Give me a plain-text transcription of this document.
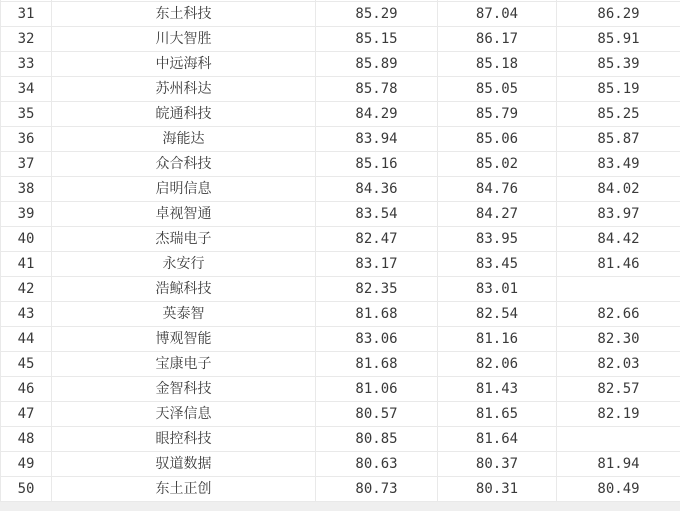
31	东土科技	85.29	87.04	86.29
32	川大智胜	85.15	86.17	85.91
33	中远海科	85.89	85.18	85.39
34	苏州科达	85.78	85.05	85.19
35	皖通科技	84.29	85.79	85.25
36	海能达	83.94	85.06	85.87
37	众合科技	85.16	85.02	83.49
38	启明信息	84.36	84.76	84.02
39	卓视智通	83.54	84.27	83.97
40	杰瑞电子	82.47	83.95	84.42
41	永安行	83.17	83.45	81.46
42	浩鲸科技	82.35	83.01	
43	英泰智	81.68	82.54	82.66
44	博观智能	83.06	81.16	82.30
45	宝康电子	81.68	82.06	82.03
46	金智科技	81.06	81.43	82.57
47	天泽信息	80.57	81.65	82.19
48	眼控科技	80.85	81.64	
49	驭道数据	80.63	80.37	81.94
50	东土正创	80.73	80.31	80.49
